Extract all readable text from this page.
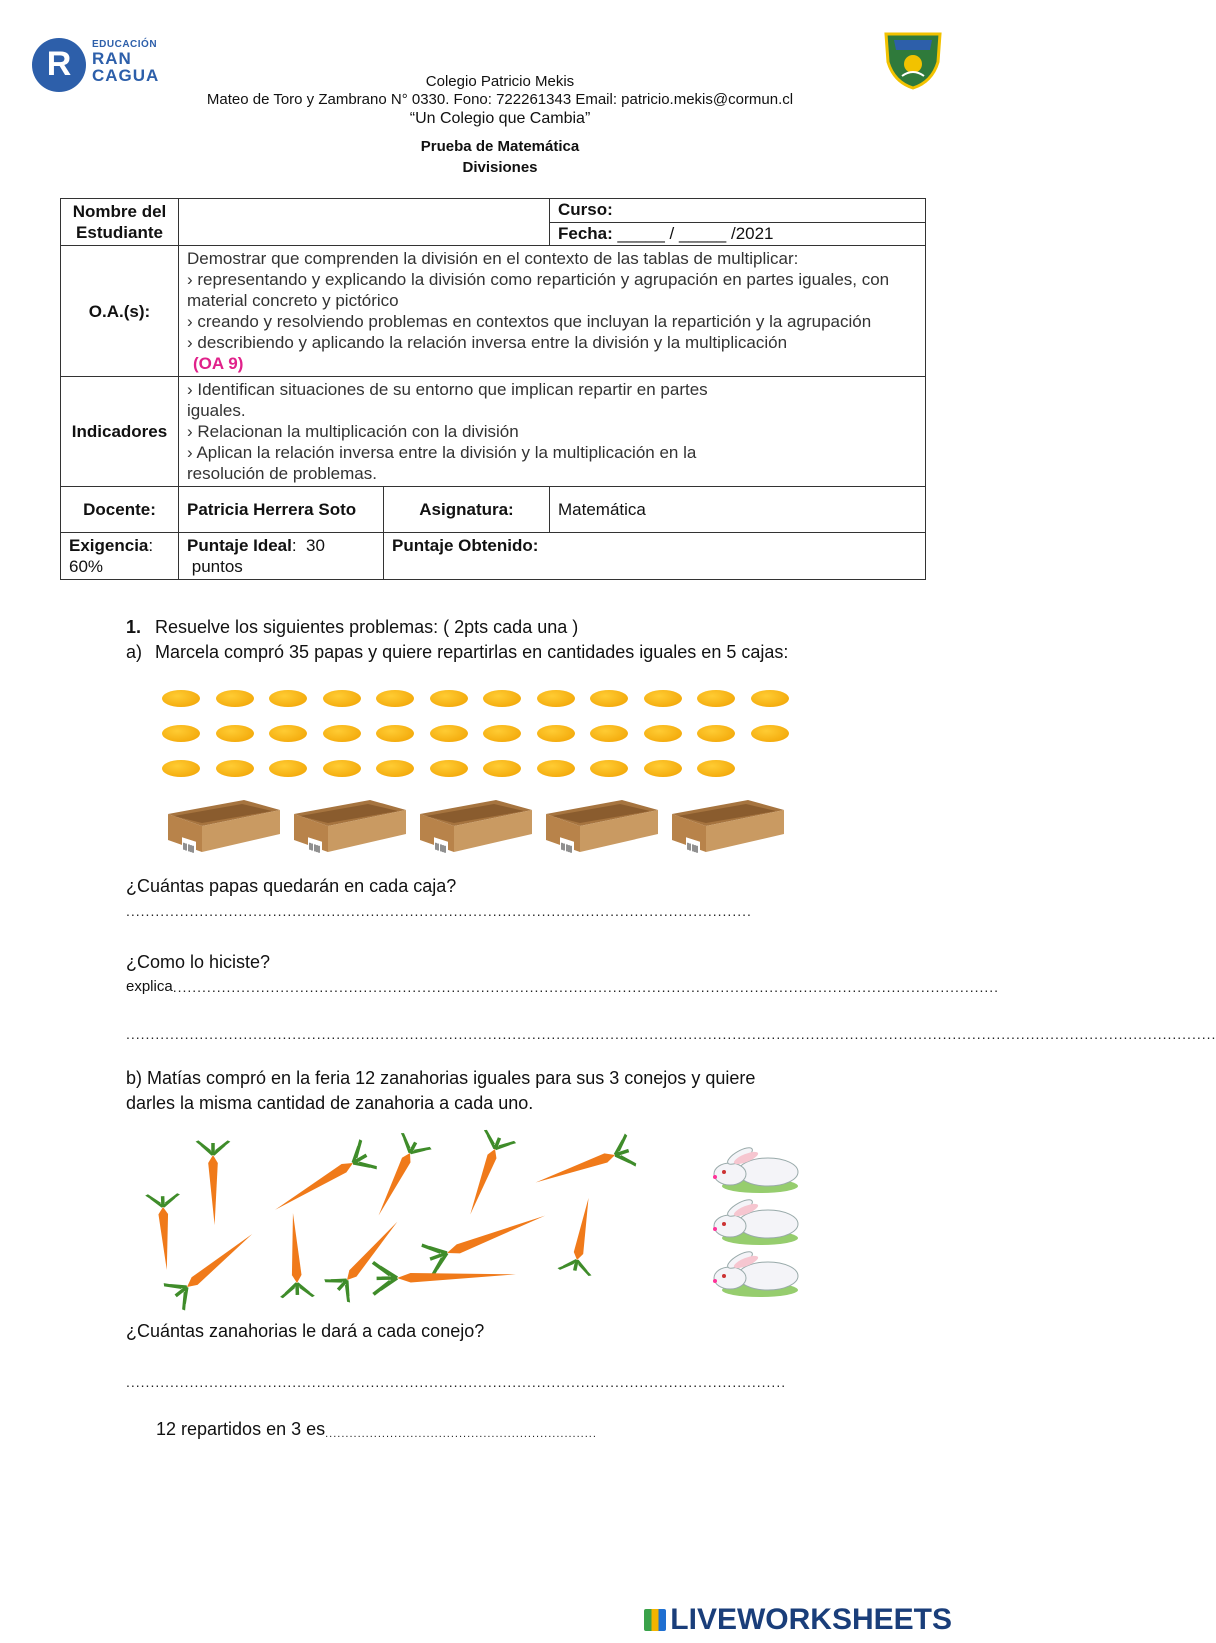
R
EDUCACIÓN
RAN
CAGUA	Colegio Patricio Mekis
Mateo de Toro y Zambrano N° 0330. Fono: 722261343 Email: patricio.mekis@cormun.cl
“Un Colegio que Cambia”
Prueba de Matemática
Divisiones
Nombre del Estudiante			Curso:
			Fecha: _____ / _____ /2021
O.A.(s):	Demostrar que comprenden la división en el contexto de las tablas de multiplicar:
› representando y explicando la división como repartición y agrupación en partes iguales, con material concreto y pictórico
› creando y resolviendo problemas en contextos que incluyan la repartición y la agrupación
› describiendo y aplicando la relación inversa entre la división y la multiplicación
(OA 9)		

Indicadores	› Identifican situaciones de su entorno que implican repartir en partes iguales.
› Relacionan la multiplicación con la división
› Aplican la relación inversa entre la división y la multiplicación en la resolución de problemas.		

Docente:	Patricia Herrera Soto	Asignatura:	Matemática
Exigencia:
60%	Puntaje Ideal:  30
puntos	Puntaje Obtenido:	
1. Resuelve los siguientes problemas: ( 2pts cada una )
a) Marcela compró 35 papas y quiere repartirlas en cantidades iguales en 5 cajas:
¿Cuántas papas quedarán en cada caja?
................................................................................................................................
¿Como lo hiciste?
explica.........................................................................................................................................................................
...............................................................................................................................................................................................................................
b) Matías compró en la feria 12 zanahorias iguales para sus 3 conejos y quiere
darles la misma cantidad de zanahoria a cada uno.
¿Cuántas zanahorias le dará a cada conejo?
.......................................................................................................................................
12 repartidos en 3 es...................................................................
LIVEWORKSHEETS
